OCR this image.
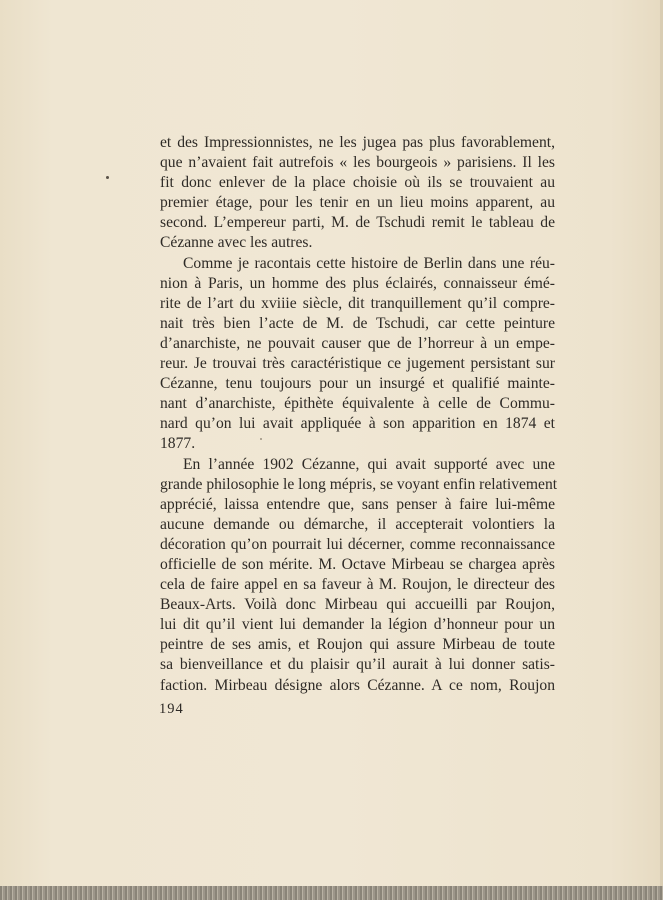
et des Impressionnistes, ne les jugea pas plus favorablement,
que n’avaient fait autrefois « les bourgeois » parisiens. Il les
fit donc enlever de la place choisie où ils se trouvaient au
premier étage, pour les tenir en un lieu moins apparent, au
second. L’empereur parti, M. de Tschudi remit le tableau de
Cézanne avec les autres.
Comme je racontais cette histoire de Berlin dans une réu-
nion à Paris, un homme des plus éclairés, connaisseur émé-
rite de l’art du xviiie siècle, dit tranquillement qu’il compre-
nait très bien l’acte de M. de Tschudi, car cette peinture
d’anarchiste, ne pouvait causer que de l’horreur à un empe-
reur. Je trouvai très caractéristique ce jugement persistant sur
Cézanne, tenu toujours pour un insurgé et qualifié mainte-
nant d’anarchiste, épithète équivalente à celle de Commu-
nard qu’on lui avait appliquée à son apparition en 1874 et
1877.
En l’année 1902 Cézanne, qui avait supporté avec une
grande philosophie le long mépris, se voyant enfin relativement
apprécié, laissa entendre que, sans penser à faire lui-même
aucune demande ou démarche, il accepterait volontiers la
décoration qu’on pourrait lui décerner, comme reconnaissance
officielle de son mérite. M. Octave Mirbeau se chargea après
cela de faire appel en sa faveur à M. Roujon, le directeur des
Beaux-Arts. Voilà donc Mirbeau qui accueilli par Roujon,
lui dit qu’il vient lui demander la légion d’honneur pour un
peintre de ses amis, et Roujon qui assure Mirbeau de toute
sa bienveillance et du plaisir qu’il aurait à lui donner satis-
faction. Mirbeau désigne alors Cézanne. A ce nom, Roujon
194
